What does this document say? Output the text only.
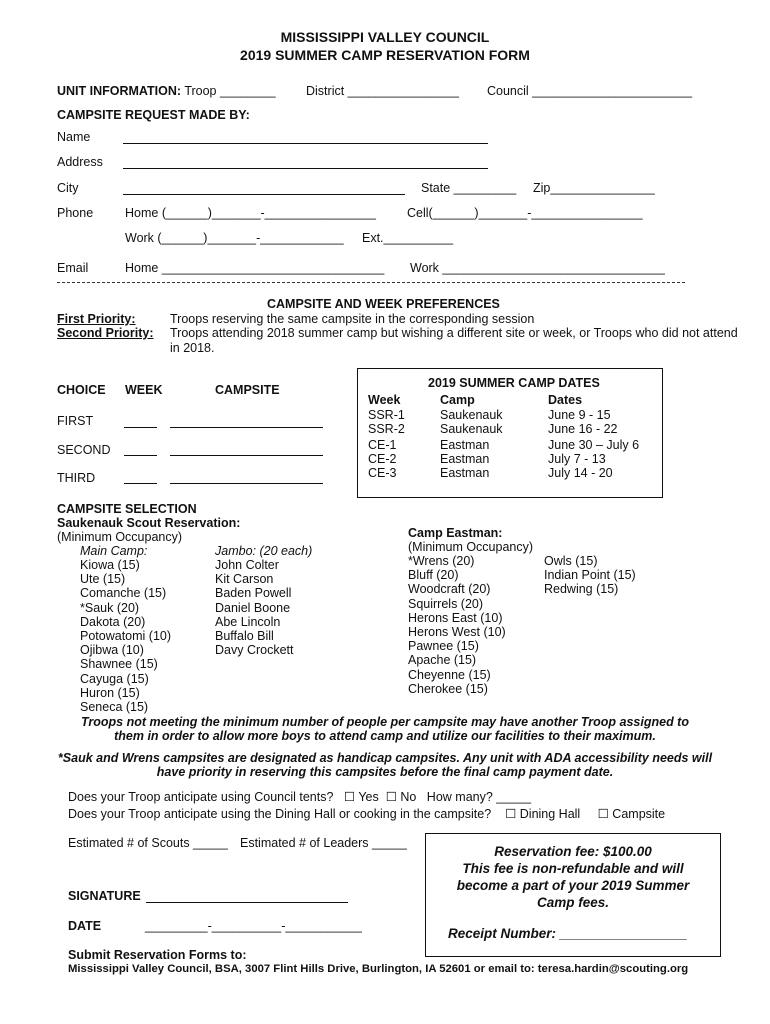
MISSISSIPPI VALLEY COUNCIL
2019 SUMMER CAMP RESERVATION FORM
UNIT INFORMATION: Troop ________ District ________________ Council _______________________
CAMPSITE REQUEST MADE BY:
Name
Address
City	State _________ Zip_______________
Phone	Home (______)_______-________________ Cell(______)_______-________________
Work (______)_______-____________ Ext.__________
Email	Home ________________________________ Work ________________________________
CAMPSITE AND WEEK PREFERENCES
First Priority:	Troops reserving the same campsite in the corresponding session
Second Priority: Troops attending 2018 summer camp but wishing a different site or week, or Troops who did not attend
in 2018.
CHOICE WEEK	CAMPSITE
FIRST
SECOND
THIRD
2019 SUMMER CAMP DATES
Week	Camp	Dates
SSR-1	Saukenauk	June 9 - 15
SSR-2	Saukenauk	June 16 - 22
CE-1	Eastman	June 30 – July 6
CE-2	Eastman	July 7 - 13
CE-3	Eastman	July 14 - 20
CAMPSITE SELECTION
Saukenauk Scout Reservation:
(Minimum Occupancy)
Main Camp:
Kiowa (15)
Ute (15)
Comanche (15)
*Sauk (20)
Dakota (20)
Potowatomi (10)
Ojibwa (10)
Shawnee (15)
Cayuga (15)
Huron (15)
Seneca (15)
Jambo: (20 each)
John Colter
Kit Carson
Baden Powell
Daniel Boone
Abe Lincoln
Buffalo Bill
Davy Crockett
Camp Eastman:
(Minimum Occupancy)
*Wrens (20)
Bluff (20)
Woodcraft (20)
Squirrels (20)
Herons East (10)
Herons West (10)
Pawnee (15)
Apache (15)
Cheyenne (15)
Cherokee (15)
Owls (15)
Indian Point (15)
Redwing (15)
Troops not meeting the minimum number of people per campsite may have another Troop assigned to
them in order to allow more boys to attend camp and utilize our facilities to their maximum.
*Sauk and Wrens campsites are designated as handicap campsites. Any unit with ADA accessibility needs will
have priority in reserving this campsites before the final camp payment date.
Does your Troop anticipate using Council tents? ☐ Yes ☐ No How many? _____
Does your Troop anticipate using the Dining Hall or cooking in the campsite? ☐ Dining Hall ☐ Campsite
Estimated # of Scouts _____ Estimated # of Leaders _____
Reservation fee: $100.00
This fee is non-refundable and will
become a part of your 2019 Summer
Camp fees.
Receipt Number: _________________
SIGNATURE
DATE	_________-__________-___________
Submit Reservation Forms to:
Mississippi Valley Council, BSA, 3007 Flint Hills Drive, Burlington, IA 52601 or email to: teresa.hardin@scouting.org
